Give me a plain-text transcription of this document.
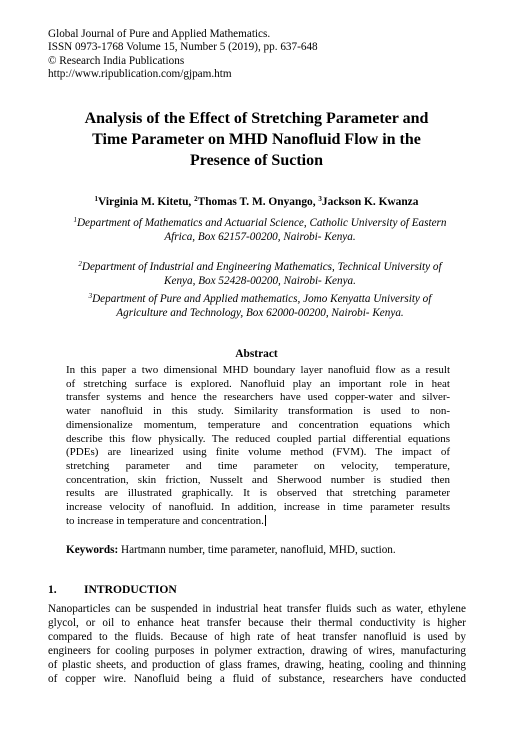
Global Journal of Pure and Applied Mathematics.
ISSN 0973-1768 Volume 15, Number 5 (2019), pp. 637-648
© Research India Publications
http://www.ripublication.com/gjpam.htm
Analysis of the Effect of Stretching Parameter and
Time Parameter on MHD Nanofluid Flow in the
Presence of Suction
$^1$Virginia M. Kitetu, $^2$Thomas T. M. Onyango, $^3$Jackson K. Kwanza
$^1$Department of Mathematics and Actuarial Science, Catholic University of Eastern
Africa, Box 62157-00200, Nairobi- Kenya.
$^2$Department of Industrial and Engineering Mathematics, Technical University of
Kenya, Box 52428-00200, Nairobi- Kenya.
$^3$Department of Pure and Applied mathematics, Jomo Kenyatta University of
Agriculture and Technology, Box 62000-00200, Nairobi- Kenya.
Abstract
In this paper a two dimensional MHD boundary layer nanofluid flow as a result
of stretching surface is explored. Nanofluid play an important role in heat
transfer systems and hence the researchers have used copper-water and silver-
water nanofluid in this study. Similarity transformation is used to non-
dimensionalize momentum, temperature and concentration equations which
describe this flow physically. The reduced coupled partial differential equations
(PDEs) are linearized using finite volume method (FVM). The impact of
stretching parameter and time parameter on velocity, temperature,
concentration, skin friction, Nusselt and Sherwood number is studied then
results are illustrated graphically. It is observed that stretching parameter
increase velocity of nanofluid. In addition, increase in time parameter results
to increase in temperature and concentration.
Keywords: Hartmann number, time parameter, nanofluid, MHD, suction.
1. INTRODUCTION
Nanoparticles can be suspended in industrial heat transfer fluids such as water, ethylene
glycol, or oil to enhance heat transfer because their thermal conductivity is higher
compared to the fluids. Because of high rate of heat transfer nanofluid is used by
engineers for cooling purposes in polymer extraction, drawing of wires, manufacturing
of plastic sheets, and production of glass frames, drawing, heating, cooling and thinning
of copper wire. Nanofluid being a fluid of substance, researchers have conducted
